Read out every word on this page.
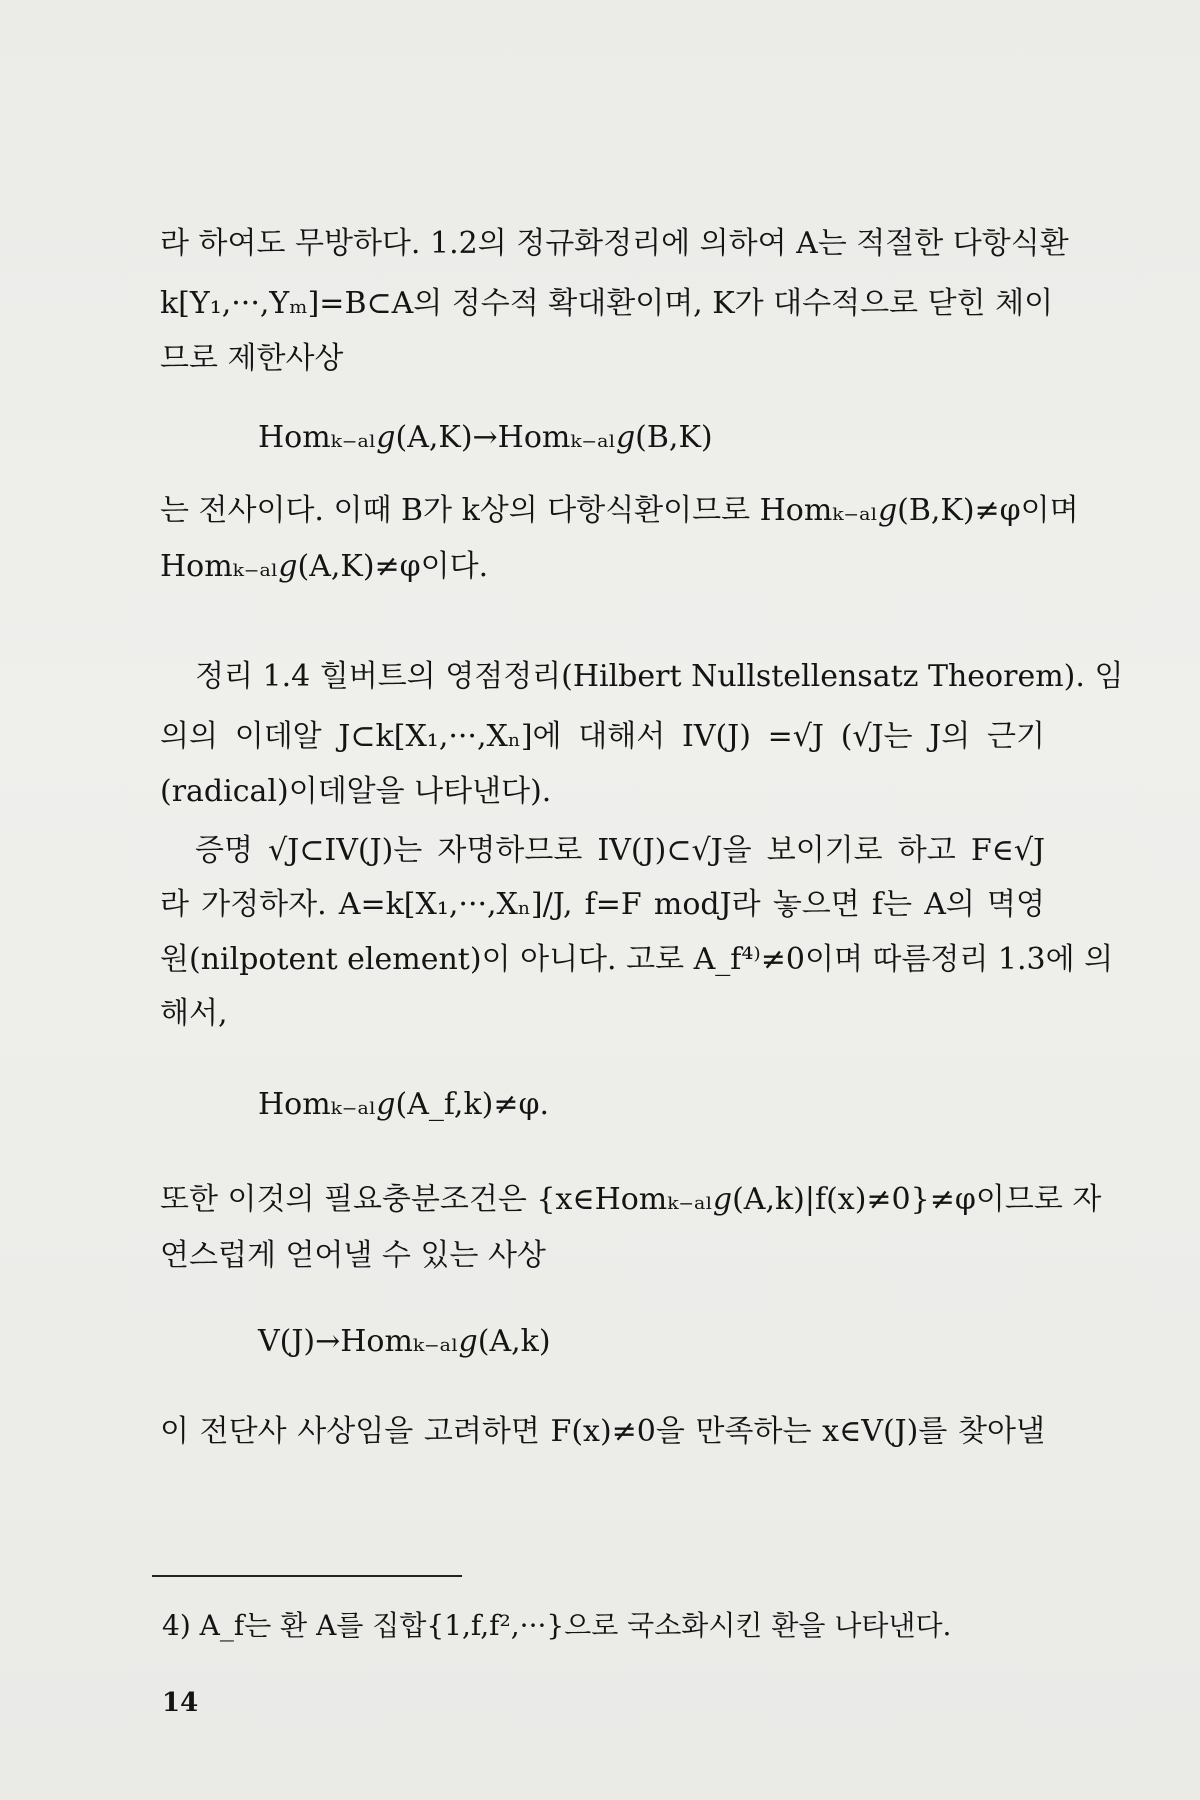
라 하여도 무방하다. 1.2의 정규화정리에 의하여 A는 적절한 다항식환
k[Y₁,···,Yₘ]=B⊂A의 정수적 확대환이며, K가 대수적으로 닫힌 체이
므로 제한사상
Homₖ₋ₐₗ𝑔(A,K)→Homₖ₋ₐₗ𝑔(B,K)
는 전사이다. 이때 B가 k상의 다항식환이므로 Homₖ₋ₐₗ𝑔(B,K)≠φ이며
Homₖ₋ₐₗ𝑔(A,K)≠φ이다.
정리 1.4 힐버트의 영점정리(Hilbert Nullstellensatz Theorem). 임
의의 이데알 J⊂k[X₁,···,Xₙ]에 대해서 IV(J) =√J (√J는 J의 근기
(radical)이데알을 나타낸다).
증명 √J⊂IV(J)는 자명하므로 IV(J)⊂√J을 보이기로 하고 F∈√J
라 가정하자. A=k[X₁,···,Xₙ]/J, f=F modJ라 놓으면 f는 A의 멱영
원(nilpotent element)이 아니다. 고로 A_f⁴⁾≠0이며 따름정리 1.3에 의
해서,
Homₖ₋ₐₗ𝑔(A_f,k)≠φ.
또한 이것의 필요충분조건은 {x∈Homₖ₋ₐₗ𝑔(A,k)|f(x)≠0}≠φ이므로 자
연스럽게 얻어낼 수 있는 사상
V(J)→Homₖ₋ₐₗ𝑔(A,k)
이 전단사 사상임을 고려하면 F(x)≠0을 만족하는 x∈V(J)를 찾아낼
4) A_f는 환 A를 집합{1,f,f²,···}으로 국소화시킨 환을 나타낸다.
14
